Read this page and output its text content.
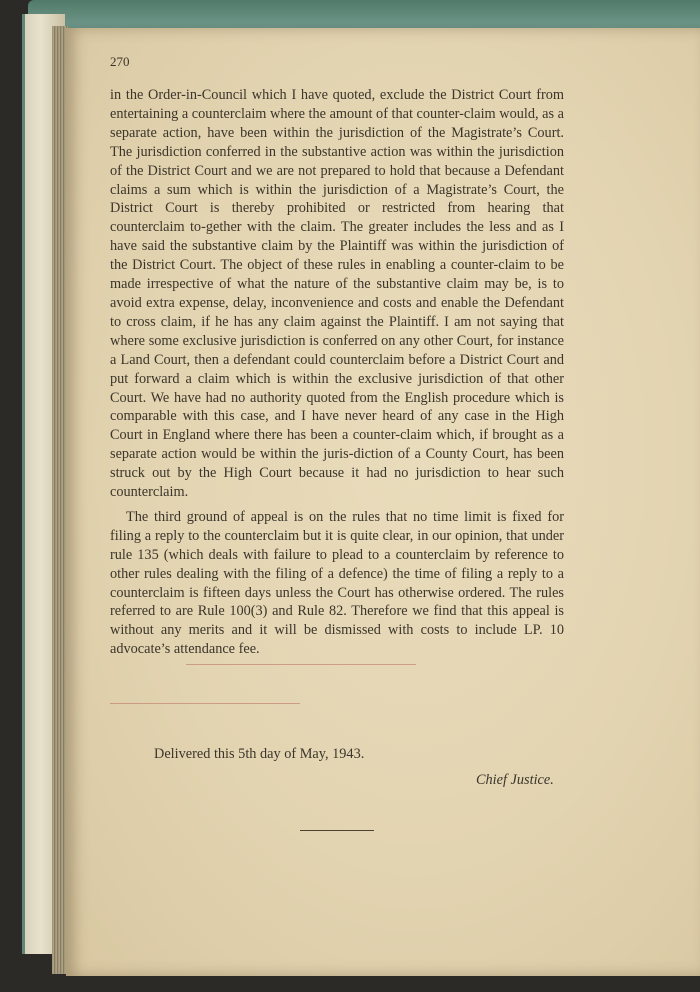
270

in the Order-in-Council which I have quoted, exclude the District Court from entertaining a counterclaim where the amount of that counter-claim would, as a separate action, have been within the jurisdiction of the Magistrate’s Court. The jurisdiction conferred in the substantive action was within the jurisdiction of the District Court and we are not prepared to hold that because a Defendant claims a sum which is within the jurisdiction of a Magistrate’s Court, the District Court is thereby prohibited or restricted from hearing that counterclaim to-gether with the claim. The greater includes the less and as I have said the substantive claim by the Plaintiff was within the jurisdiction of the District Court. The object of these rules in enabling a counter-claim to be made irrespective of what the nature of the substantive claim may be, is to avoid extra expense, delay, inconvenience and costs and enable the Defendant to cross claim, if he has any claim against the Plaintiff. I am not saying that where some exclusive jurisdiction is conferred on any other Court, for instance a Land Court, then a defendant could counterclaim before a District Court and put forward a claim which is within the exclusive jurisdiction of that other Court. We have had no authority quoted from the English procedure which is comparable with this case, and I have never heard of any case in the High Court in England where there has been a counter-claim which, if brought as a separate action would be within the juris-diction of a County Court, has been struck out by the High Court because it had no jurisdiction to hear such counterclaim.

The third ground of appeal is on the rules that no time limit is fixed for filing a reply to the counterclaim but it is quite clear, in our opinion, that under rule 135 (which deals with failure to plead to a counterclaim by reference to other rules dealing with the filing of a defence) the time of filing a reply to a counterclaim is fifteen days unless the Court has otherwise ordered. The rules referred to are Rule 100(3) and Rule 82. Therefore we find that this appeal is without any merits and it will be dismissed with costs to include LP. 10 advocate’s attendance fee.

Delivered this 5th day of May, 1943.
Chief Justice.
